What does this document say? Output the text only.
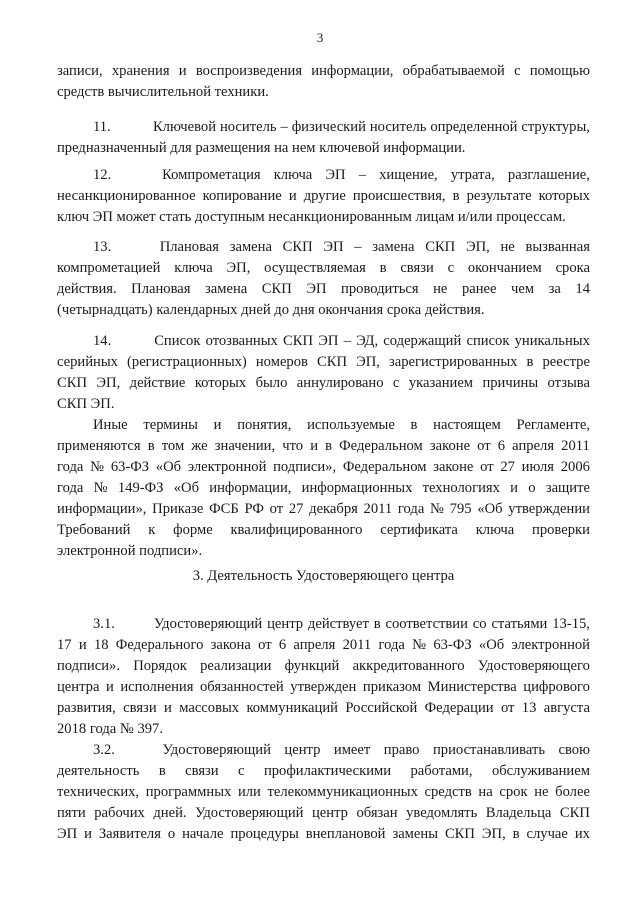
3
записи, хранения и воспроизведения информации, обрабатываемой с помощью
средств вычислительной техники.
11.	Ключевой носитель – физический носитель определенной структуры,
предназначенный для размещения на нем ключевой информации.
12.	Компрометация ключа ЭП – хищение, утрата, разглашение,
несанкционированное копирование и другие происшествия, в результате которых
ключ ЭП может стать доступным несанкционированным лицам и/или процессам.
13.	Плановая замена СКП ЭП – замена СКП ЭП, не вызванная
компрометацией ключа ЭП, осуществляемая в связи с окончанием срока
действия. Плановая замена СКП ЭП проводиться не ранее чем за 14
(четырнадцать) календарных дней до дня окончания срока действия.
14.	Список отозванных СКП ЭП – ЭД, содержащий список уникальных
серийных (регистрационных) номеров СКП ЭП, зарегистрированных в реестре
СКП ЭП, действие которых было аннулировано с указанием причины отзыва
СКП ЭП.
Иные термины и понятия, используемые в настоящем Регламенте,
применяются в том же значении, что и в Федеральном законе от 6 апреля 2011
года № 63-ФЗ «Об электронной подписи», Федеральном законе от 27 июля 2006
года № 149-ФЗ «Об информации, информационных технологиях и о защите
информации», Приказе ФСБ РФ от 27 декабря 2011 года № 795 «Об утверждении
Требований к форме квалифицированного сертификата ключа проверки
электронной подписи».
3.1.	Удостоверяющий центр действует в соответствии со статьями 13-15,
17 и 18 Федерального закона от 6 апреля 2011 года № 63-ФЗ «Об электронной
подписи». Порядок реализации функций аккредитованного Удостоверяющего
центра и исполнения обязанностей утвержден приказом Министерства цифрового
развития, связи и массовых коммуникаций Российской Федерации от 13 августа
2018 года № 397.
3.2.	Удостоверяющий центр имеет право приостанавливать свою
деятельность в связи с профилактическими работами, обслуживанием
технических, программных или телекоммуникационных средств на срок не более
пяти рабочих дней. Удостоверяющий центр обязан уведомлять Владельца СКП
ЭП и Заявителя о начале процедуры внеплановой замены СКП ЭП, в случае их
3. Деятельность Удостоверяющего центра
